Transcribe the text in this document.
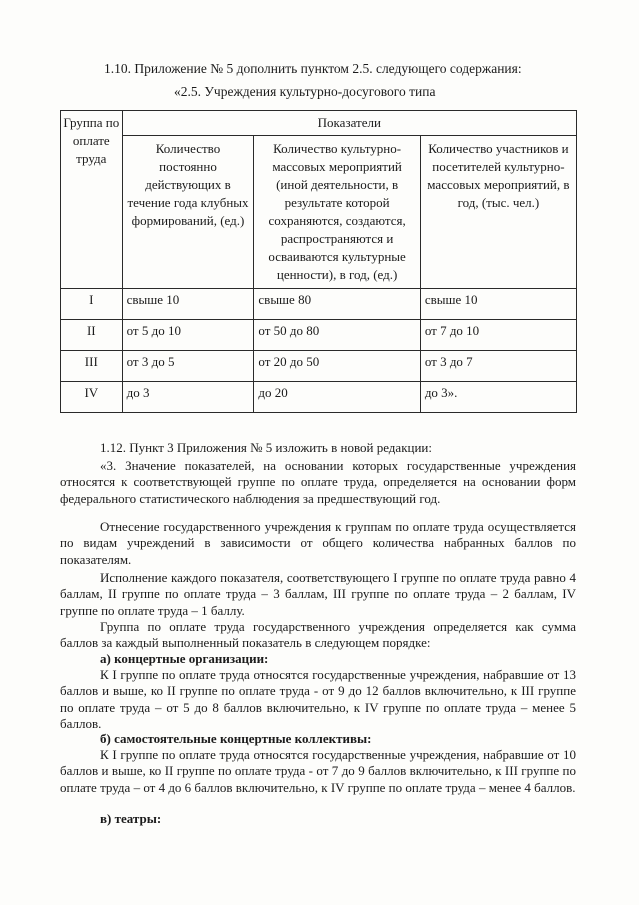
1.10. Приложение № 5 дополнить пунктом 2.5. следующего содержания:
«2.5. Учреждения культурно-досугового типа
Группа по оплате труда	Показатели		
	Количество постоянно действующих в течение года клубных формирований, (ед.)	Количество культурно-массовых мероприятий (иной деятельности, в результате которой сохраняются, создаются, распространяются и осваиваются культурные ценности), в год, (ед.)	Количество участников и посетителей культурно-массовых мероприятий, в год, (тыс. чел.)
I	свыше 10	свыше 80	свыше 10
II	от 5 до 10	от 50 до 80	от 7 до 10
III	от 3 до 5	от 20 до 50	от 3 до 7
IV	до 3	до 20	до 3».
1.12. Пункт 3 Приложения № 5 изложить в новой редакции:
«3. Значение показателей, на основании которых государственные учреждения относятся к соответствующей группе по оплате труда, определяется на основании форм федерального статистического наблюдения за предшествующий год.
Отнесение государственного учреждения к группам по оплате труда осуществляется по видам учреждений в зависимости от общего количества набранных баллов по показателям.
Исполнение каждого показателя, соответствующего I группе по оплате труда равно 4 баллам, II группе по оплате труда – 3 баллам, III группе по оплате труда – 2 баллам, IV группе по оплате труда – 1 баллу.
Группа по оплате труда государственного учреждения определяется как сумма баллов за каждый выполненный показатель в следующем порядке:
а) концертные организации:
К I группе по оплате труда относятся государственные учреждения, набравшие от 13 баллов и выше, ко II группе по оплате труда - от 9 до 12 баллов включительно, к III группе по оплате труда – от 5 до 8 баллов включительно, к IV группе по оплате труда – менее 5 баллов.
б) самостоятельные концертные коллективы:
К I группе по оплате труда относятся государственные учреждения, набравшие от 10 баллов и выше, ко II группе по оплате труда - от 7 до 9 баллов включительно, к III группе по оплате труда – от 4 до 6 баллов включительно, к IV группе по оплате труда – менее 4 баллов.
в) театры:
